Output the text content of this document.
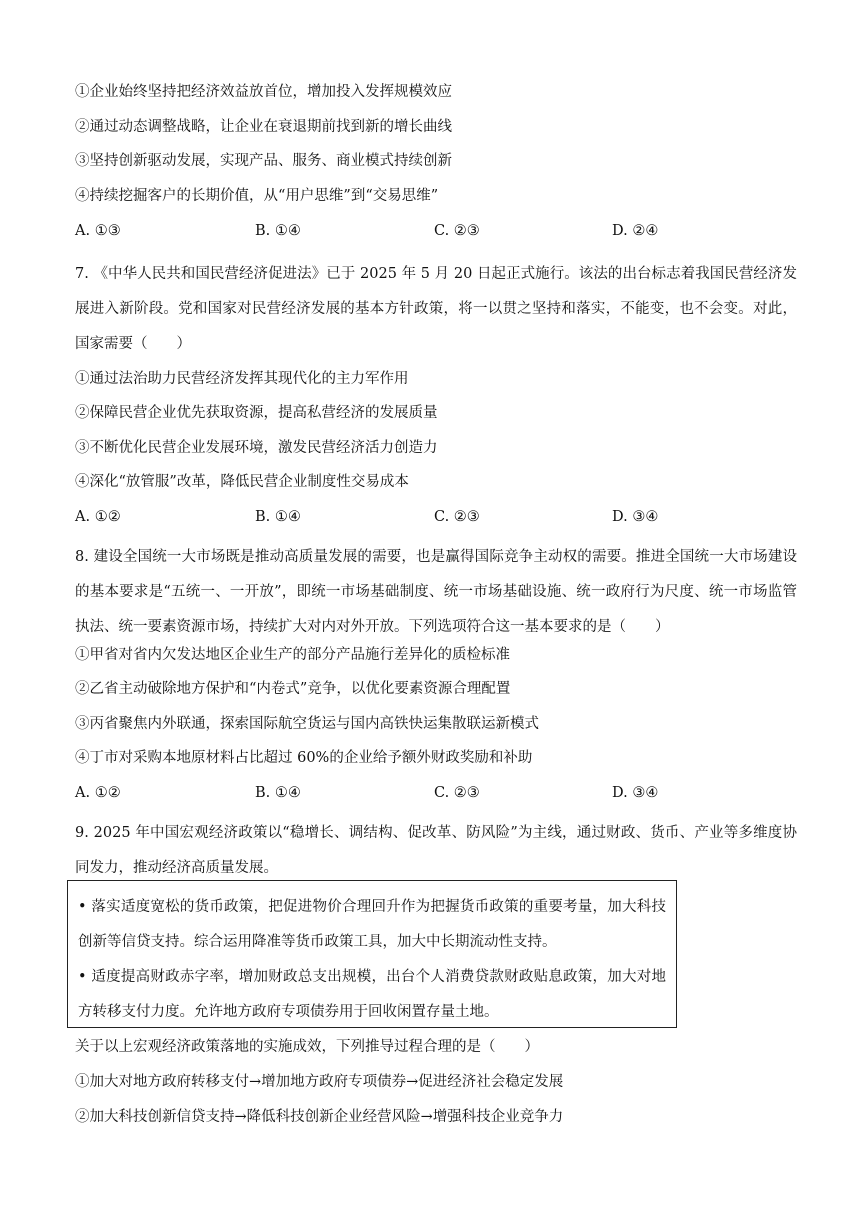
①企业始终坚持把经济效益放首位，增加投入发挥规模效应
②通过动态调整战略，让企业在衰退期前找到新的增长曲线
③坚持创新驱动发展，实现产品、服务、商业模式持续创新
④持续挖掘客户的长期价值，从“用户思维”到“交易思维”
A. ①③	B. ①④	C. ②③	D. ②④
7. 《中华人民共和国民营经济促进法》已于 2025 年 5 月 20 日起正式施行。该法的出台标志着我国民营经济发展进入新阶段。党和国家对民营经济发展的基本方针政策，将一以贯之坚持和落实，不能变，也不会变。对此，国家需要（　　）
①通过法治助力民营经济发挥其现代化的主力军作用
②保障民营企业优先获取资源，提高私营经济的发展质量
③不断优化民营企业发展环境，激发民营经济活力创造力
④深化“放管服”改革，降低民营企业制度性交易成本
A. ①②	B. ①④	C. ②③	D. ③④
8. 建设全国统一大市场既是推动高质量发展的需要，也是赢得国际竞争主动权的需要。推进全国统一大市场建设的基本要求是“五统一、一开放”，即统一市场基础制度、统一市场基础设施、统一政府行为尺度、统一市场监管执法、统一要素资源市场，持续扩大对内对外开放。下列选项符合这一基本要求的是（　　）
①甲省对省内欠发达地区企业生产的部分产品施行差异化的质检标准
②乙省主动破除地方保护和“内卷式”竞争，以优化要素资源合理配置
③丙省聚焦内外联通，探索国际航空货运与国内高铁快运集散联运新模式
④丁市对采购本地原材料占比超过 60%的企业给予额外财政奖励和补助
A. ①②	B. ①④	C. ②③	D. ③④
9. 2025 年中国宏观经济政策以“稳增长、调结构、促改革、防风险”为主线，通过财政、货币、产业等多维度协同发力，推动经济高质量发展。

• 落实适度宽松的货币政策，把促进物价合理回升作为把握货币政策的重要考量，加大科技创新等信贷支持。综合运用降准等货币政策工具，加大中长期流动性支持。

• 适度提高财政赤字率，增加财政总支出规模，出台个人消费贷款财政贴息政策，加大对地方转移支付力度。允许地方政府专项债券用于回收闲置存量土地。

关于以上宏观经济政策落地的实施成效，下列推导过程合理的是（　　）
①加大对地方政府转移支付→增加地方政府专项债券→促进经济社会稳定发展
②加大科技创新信贷支持→降低科技创新企业经营风险→增强科技企业竞争力
